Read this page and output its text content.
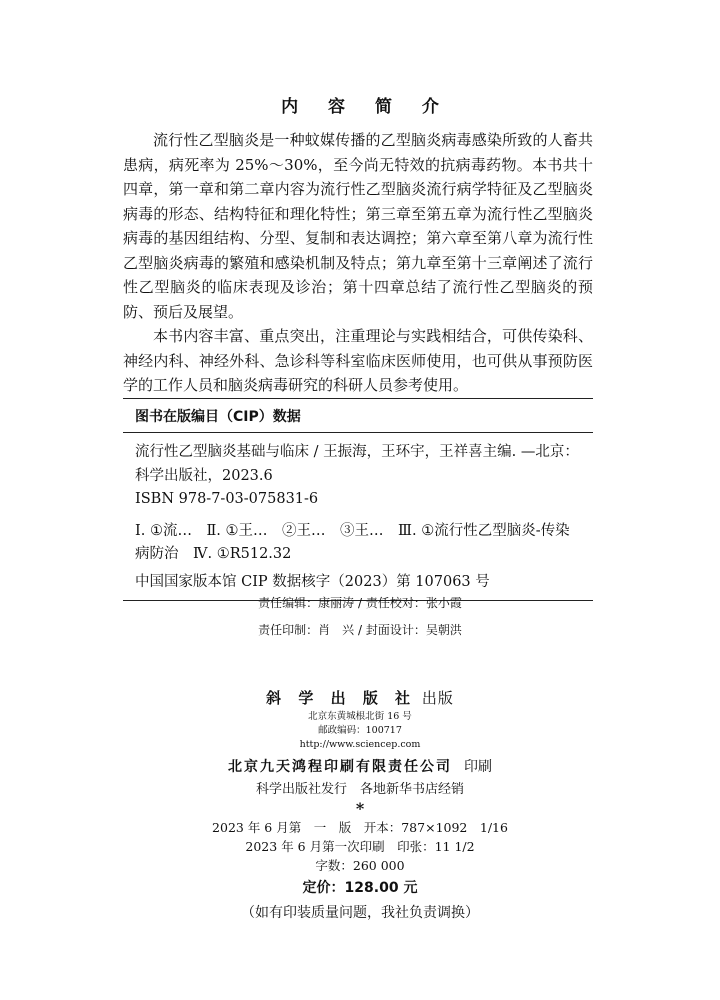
内 容 简 介

流行性乙型脑炎是一种蚊媒传播的乙型脑炎病毒感染所致的人畜共患病，病死率为 25%～30%，至今尚无特效的抗病毒药物。本书共十四章，第一章和第二章内容为流行性乙型脑炎流行病学特征及乙型脑炎病毒的形态、结构特征和理化特性；第三章至第五章为流行性乙型脑炎病毒的基因组结构、分型、复制和表达调控；第六章至第八章为流行性乙型脑炎病毒的繁殖和感染机制及特点；第九章至第十三章阐述了流行性乙型脑炎的临床表现及诊治；第十四章总结了流行性乙型脑炎的预防、预后及展望。

本书内容丰富、重点突出，注重理论与实践相结合，可供传染科、神经内科、神经外科、急诊科等科室临床医师使用，也可供从事预防医学的工作人员和脑炎病毒研究的科研人员参考使用。

图书在版编目（CIP）数据

流行性乙型脑炎基础与临床 / 王振海，王环宇，王祥喜主编. —北京：科学出版社，2023.6

ISBN 978-7-03-075831-6

Ⅰ. ①流…　Ⅱ. ①王…　②王…　③王…　Ⅲ. ①流行性乙型脑炎-传染病防治　Ⅳ. ①R512.32

中国国家版本馆 CIP 数据核字（2023）第 107063 号

责任编辑：康丽涛 / 责任校对：张小霞
责任印制：肖　兴 / 封面设计：吴朝洪
斜 学 出 版 社 出版
北京东黄城根北街 16 号
邮政编码：100717
http://www.sciencep.com
北京九天鸿程印刷有限责任公司 印刷
科学出版社发行　各地新华书店经销
*
2023 年 6 月第　一　版　开本：787×1092　1/16
2023 年 6 月第一次印刷　印张：11 1/2
字数：260 000
定价：128.00 元
（如有印装质量问题，我社负责调换）
